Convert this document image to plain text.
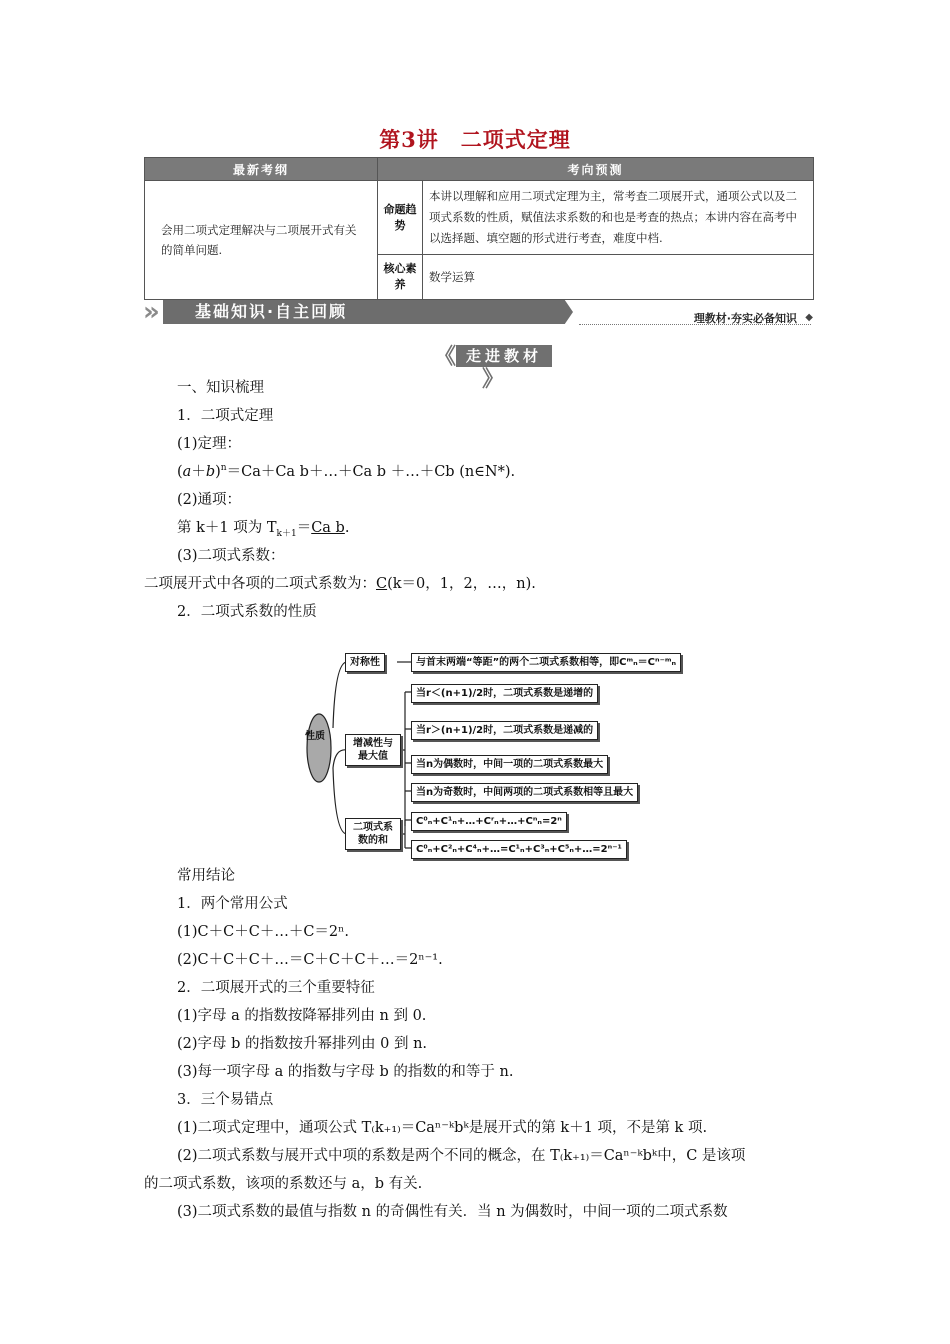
第3讲　二项式定理
最新考纲	考向预测	
会用二项式定理解决与二项展开式有关的简单问题.	命题趋势	本讲以理解和应用二项式定理为主，常考查二项展开式，通项公式以及二项式系数的性质，赋值法求系数的和也是考查的热点；本讲内容在高考中以选择题、填空题的形式进行考查，难度中档.
	核心素养	数学运算
» 基础知识·自主回顾	理教材·夯实必备知识 ◆
《 走进教材》
一、知识梳理
1．二项式定理
(1)定理：
$(a+b)^n=Ca+Ca$ b＋…＋Ca b ＋…＋Cb (n∈N*).
(2)通项：
第 k＋1 项为 $T_{k+1}=Ca$ b.
(3)二项式系数：
二项展开式中各项的二项式系数为：C(k＝0，1，2，…，n).
2．二项式系数的性质
性质
对称性
增减性与最大值
二项式系数的和
与首末两端“等距”的两个二项式系数相等，即Cᵐₙ＝Cⁿ⁻ᵐₙ
当r＜(n+1)/2时，二项式系数是递增的
当r＞(n+1)/2时，二项式系数是递减的
当n为偶数时，中间一项的二项式系数最大
当n为奇数时，中间两项的二项式系数相等且最大
C⁰ₙ+C¹ₙ+…+Cʳₙ+…+Cⁿₙ=2ⁿ
C⁰ₙ+C²ₙ+C⁴ₙ+…=C¹ₙ+C³ₙ+C⁵ₙ+…=2ⁿ⁻¹
常用结论
1．两个常用公式
(1)C＋C＋C＋…＋C＝2ⁿ.
(2)C＋C＋C＋…＝C＋C＋C＋…＝2ⁿ⁻¹.
2．二项展开式的三个重要特征
(1)字母 a 的指数按降幂排列由 n 到 0.
(2)字母 b 的指数按升幂排列由 0 到 n.
(3)每一项字母 a 的指数与字母 b 的指数的和等于 n.
3．三个易错点
(1)二项式定理中，通项公式 T₍k₊₁₎＝Caⁿ⁻ᵏbᵏ是展开式的第 k＋1 项，不是第 k 项.
(2)二项式系数与展开式中项的系数是两个不同的概念，在 T₍k₊₁₎＝Caⁿ⁻ᵏbᵏ中，C 是该项
的二项式系数，该项的系数还与 a，b 有关.
(3)二项式系数的最值与指数 n 的奇偶性有关．当 n 为偶数时，中间一项的二项式系数
